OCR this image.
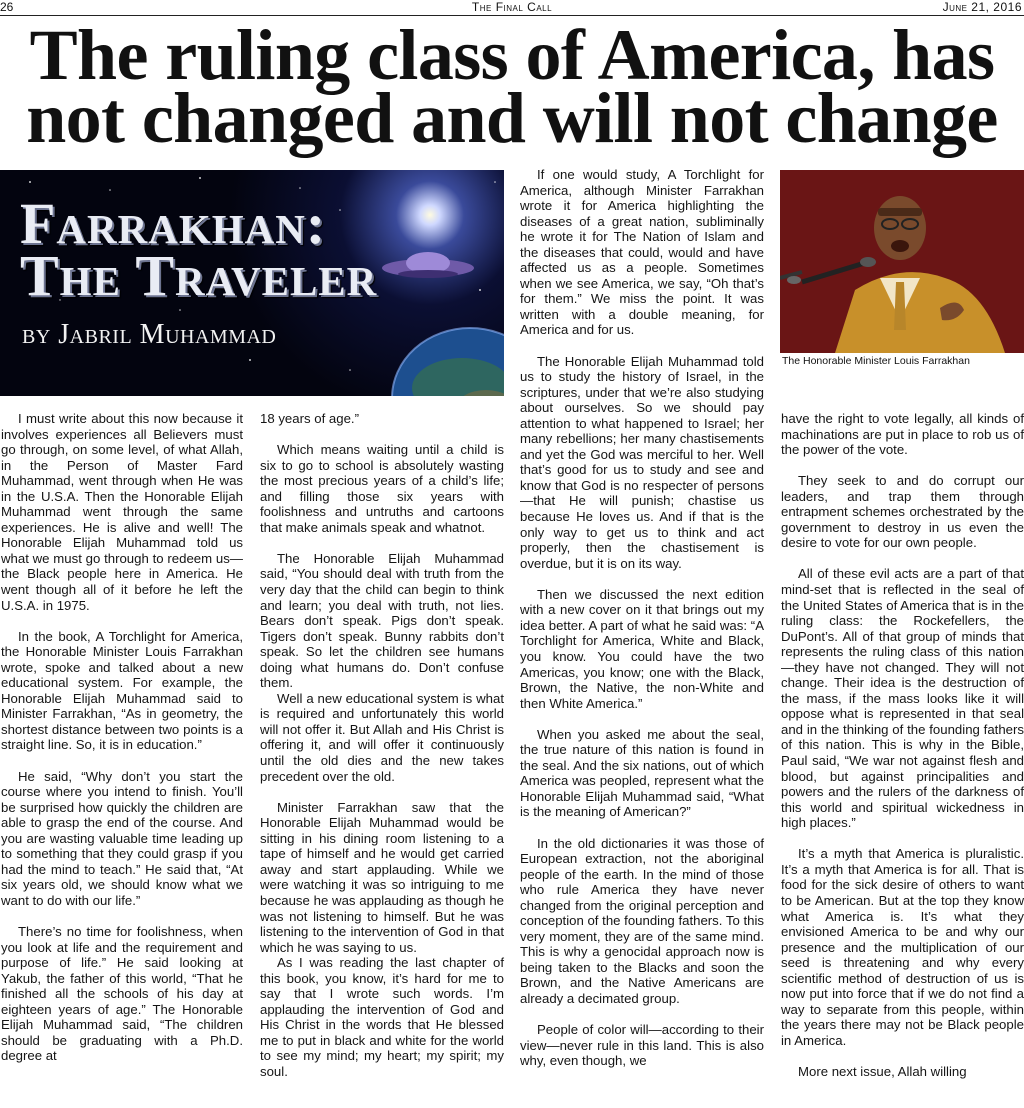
26	The Final Call	June 21, 2016
The ruling class of America, has not changed and will not change
Farrakhan:
The Traveler
by Jabril Muhammad
The Honorable Minister Louis Farrakhan

I must write about this now because it involves experiences all Believers must go through, on some level, of what Allah, in the Person of Master Fard Muhammad, went through when He was in the U.S.A. Then the Honorable Elijah Muhammad went through the same experiences. He is alive and well! The Honorable Elijah Muhammad told us what we must go through to redeem us—the Black people here in America. He went though all of it before he left the U.S.A. in 1975.

In the book, A Torchlight for America, the Honorable Minister Louis Farrakhan wrote, spoke and talked about a new educational system. For example, the Honorable Elijah Muhammad said to Minister Farrakhan, “As in geometry, the shortest distance between two points is a straight line. So, it is in education.”

He said, “Why don’t you start the course where you intend to finish. You’ll be surprised how quickly the children are able to grasp the end of the course. And you are wasting valuable time leading up to something that they could grasp if you had the mind to teach.” He said that, “At six years old, we should know what we want to do with our life.”

There’s no time for foolishness, when you look at life and the requirement and purpose of life.” He said looking at Yakub, the father of this world, “That he finished all the schools of his day at eighteen years of age.” The Honorable Elijah Muhammad said, “The children should be graduating with a Ph.D. degree at

18 years of age.”

Which means waiting until a child is six to go to school is absolutely wasting the most precious years of a child’s life; and filling those six years with foolishness and untruths and cartoons that make animals speak and whatnot.

The Honorable Elijah Muhammad said, “You should deal with truth from the very day that the child can begin to think and learn; you deal with truth, not lies. Bears don’t speak. Pigs don’t speak. Tigers don’t speak. Bunny rabbits don’t speak. So let the children see humans doing what humans do. Don’t confuse them.

Well a new educational system is what is required and unfortunately this world will not offer it. But Allah and His Christ is offering it, and will offer it continuously until the old dies and the new takes precedent over the old.

Minister Farrakhan saw that the Honorable Elijah Muhammad would be sitting in his dining room listening to a tape of himself and he would get carried away and start applauding. While we were watching it was so intriguing to me because he was applauding as though he was not listening to himself. But he was listening to the intervention of God in that which he was saying to us.

As I was reading the last chapter of this book, you know, it’s hard for me to say that I wrote such words. I’m applauding the intervention of God and His Christ in the words that He blessed me to put in black and white for the world to see my mind; my heart; my spirit; my soul.

If one would study, A Torchlight for America, although Minister Farrakhan wrote it for America highlighting the diseases of a great nation, subliminally he wrote it for The Nation of Islam and the diseases that could, would and have affected us as a people. Sometimes when we see America, we say, “Oh that’s for them.” We miss the point. It was written with a double meaning, for America and for us.

The Honorable Elijah Muhammad told us to study the history of Israel, in the scriptures, under that we’re also studying about ourselves. So we should pay attention to what happened to Israel; her many rebellions; her many chastisements and yet the God was merciful to her. Well that’s good for us to study and see and know that God is no respecter of persons—that He will punish; chastise us because He loves us. And if that is the only way to get us to think and act properly, then the chastisement is overdue, but it is on its way.

Then we discussed the next edition with a new cover on it that brings out my idea better. A part of what he said was: “A Torchlight for America, White and Black, you know. You could have the two Americas, you know; one with the Black, Brown, the Native, the non-White and then White America.”

When you asked me about the seal, the true nature of this nation is found in the seal. And the six nations, out of which America was peopled, represent what the Honorable Elijah Muhammad said, “What is the meaning of American?”

In the old dictionaries it was those of European extraction, not the aboriginal people of the earth. In the mind of those who rule America they have never changed from the original perception and conception of the founding fathers. To this very moment, they are of the same mind. This is why a genocidal approach now is being taken to the Blacks and soon the Brown, and the Native Americans are already a decimated group.

People of color will—according to their view—never rule in this land. This is also why, even though, we

have the right to vote legally, all kinds of machinations are put in place to rob us of the power of the vote.

They seek to and do corrupt our leaders, and trap them through entrapment schemes orchestrated by the government to destroy in us even the desire to vote for our own people.

All of these evil acts are a part of that mind-set that is reflected in the seal of the United States of America that is in the ruling class: the Rockefellers, the DuPont’s. All of that group of minds that represents the ruling class of this nation—they have not changed. They will not change. Their idea is the destruction of the mass, if the mass looks like it will oppose what is represented in that seal and in the thinking of the founding fathers of this nation. This is why in the Bible, Paul said, “We war not against flesh and blood, but against principalities and powers and the rulers of the darkness of this world and spiritual wickedness in high places.”

It’s a myth that America is pluralistic. It’s a myth that America is for all. That is food for the sick desire of others to want to be American. But at the top they know what America is. It’s what they envisioned America to be and why our presence and the multiplication of our seed is threatening and why every scientific method of destruction of us is now put into force that if we do not find a way to separate from this people, within the years there may not be Black people in America.

More next issue, Allah willing
